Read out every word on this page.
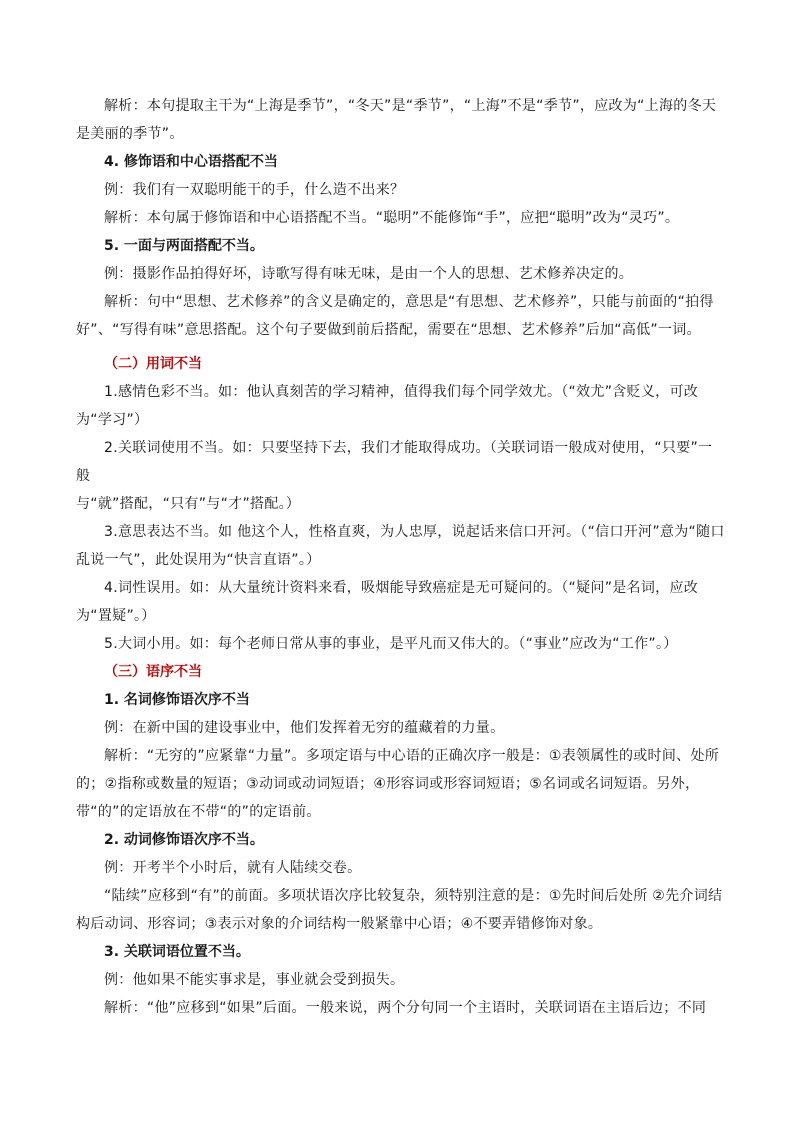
解析：本句提取主干为“上海是季节”，“冬天”是“季节”，“上海”不是“季节”，应改为“上海的冬天是美丽的季节”。

4. 修饰语和中心语搭配不当

例：我们有一双聪明能干的手，什么造不出来？

解析：本句属于修饰语和中心语搭配不当。“聪明”不能修饰“手”，应把“聪明”改为“灵巧”。

5. 一面与两面搭配不当。

例：摄影作品拍得好坏，诗歌写得有味无味，是由一个人的思想、艺术修养决定的。

解析：句中“思想、艺术修养”的含义是确定的，意思是“有思想、艺术修养”，只能与前面的“拍得好”、“写得有味”意思搭配。这个句子要做到前后搭配，需要在“思想、艺术修养”后加“高低”一词。

（二）用词不当

1.感情色彩不当。如：他认真刻苦的学习精神，值得我们每个同学效尤。（“效尤”含贬义，可改为“学习”）

2.关联词使用不当。如：只要坚持下去，我们才能取得成功。（关联词语一般成对使用，“只要”一般

与“就”搭配，“只有”与“才”搭配。）

3.意思表达不当。如 他这个人，性格直爽，为人忠厚，说起话来信口开河。（“信口开河”意为“随口乱说一气”，此处误用为“快言直语”。）

4.词性误用。如：从大量统计资料来看，吸烟能导致癌症是无可疑问的。（“疑问”是名词，应改为“置疑”。）

5.大词小用。如：每个老师日常从事的事业，是平凡而又伟大的。（“事业”应改为“工作”。）

（三）语序不当

1. 名词修饰语次序不当

例：在新中国的建设事业中，他们发挥着无穷的蕴藏着的力量。

解析：“无穷的”应紧靠“力量”。多项定语与中心语的正确次序一般是：①表领属性的或时间、处所的；②指称或数量的短语；③动词或动词短语；④形容词或形容词短语；⑤名词或名词短语。另外，带“的”的定语放在不带“的”的定语前。

2. 动词修饰语次序不当。

例：开考半个小时后，就有人陆续交卷。

“陆续”应移到“有”的前面。多项状语次序比较复杂，须特别注意的是：①先时间后处所 ②先介词结构后动词、形容词；③表示对象的介词结构一般紧靠中心语；④不要弄错修饰对象。

3. 关联词语位置不当。

例：他如果不能实事求是，事业就会受到损失。

解析：“他”应移到“如果”后面。一般来说，两个分句同一个主语时，关联词语在主语后边；不同
